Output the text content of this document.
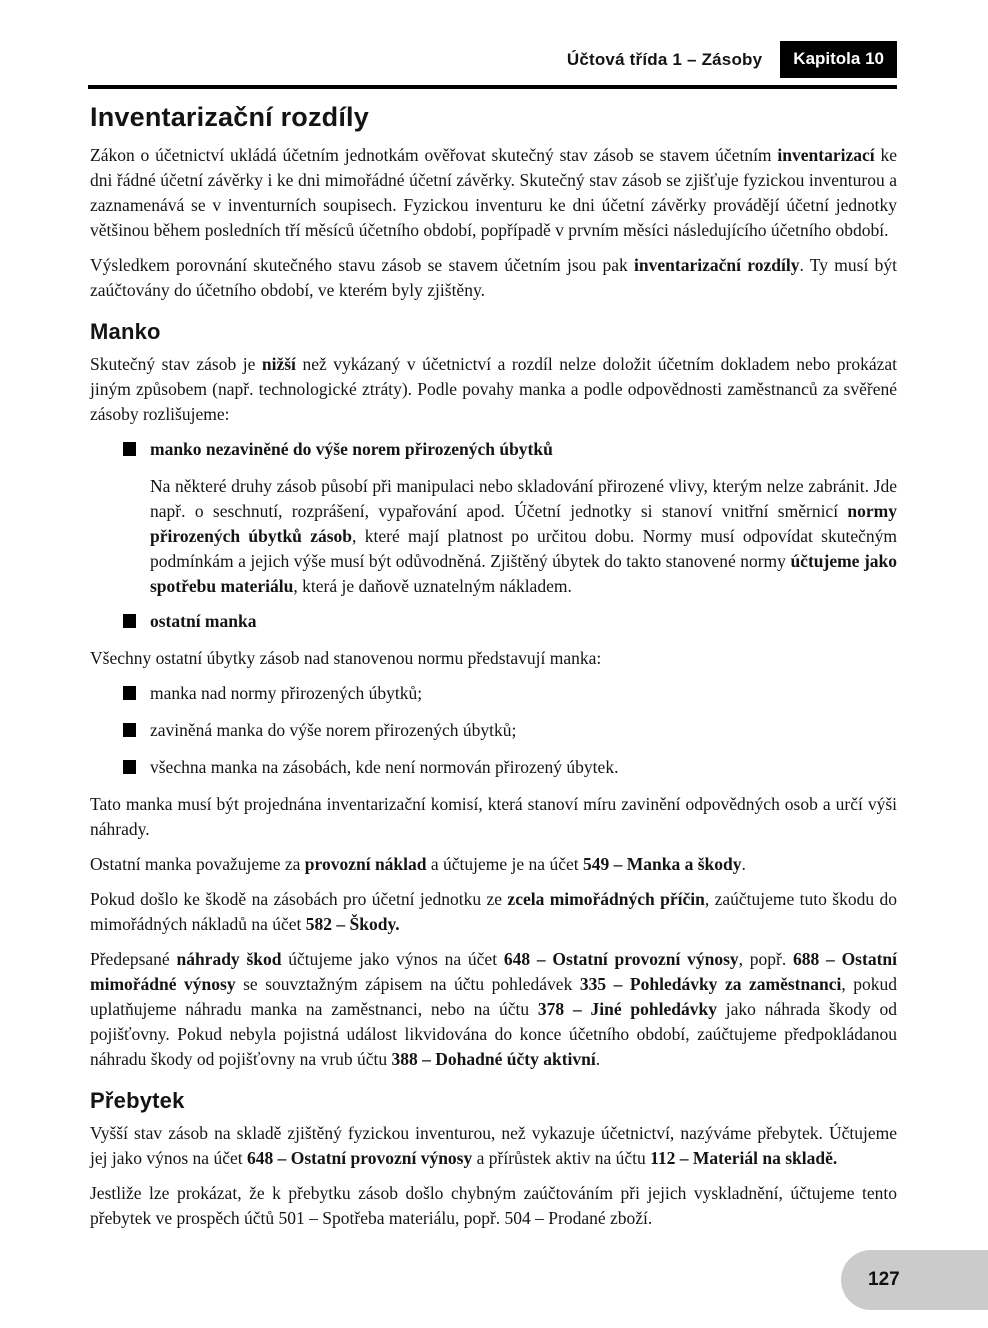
Účtová třída 1 – Zásoby	Kapitola 10
Inventarizační rozdíly

Zákon o účetnictví ukládá účetním jednotkám ověřovat skutečný stav zásob se stavem účetním inventarizací ke dni řádné účetní závěrky i ke dni mimořádné účetní závěrky. Skutečný stav zásob se zjišťuje fyzickou inventurou a zaznamenává se v inventurních soupisech. Fyzickou inventuru ke dni účetní závěrky provádějí účetní jednotky většinou během posledních tří měsíců účetního období, popřípadě v prvním měsíci následujícího účetního období.

Výsledkem porovnání skutečného stavu zásob se stavem účetním jsou pak inventarizační rozdíly. Ty musí být zaúčtovány do účetního období, ve kterém byly zjištěny.

Manko

Skutečný stav zásob je nižší než vykázaný v účetnictví a rozdíl nelze doložit účetním dokladem nebo prokázat jiným způsobem (např. technologické ztráty). Podle povahy manka a podle odpovědnosti zaměstnanců za svěřené zásoby rozlišujeme:

manko nezaviněné do výše norem přirozených úbytků

Na některé druhy zásob působí při manipulaci nebo skladování přirozené vlivy, kterým nelze zabránit. Jde např. o seschnutí, rozprášení, vypařování apod. Účetní jednotky si stanoví vnitřní směrnicí normy přirozených úbytků zásob, které mají platnost po určitou dobu. Normy musí odpovídat skutečným podmínkám a jejich výše musí být odůvodněná. Zjištěný úbytek do takto stanovené normy účtujeme jako spotřebu materiálu, která je daňově uznatelným nákladem.

ostatní manka

Všechny ostatní úbytky zásob nad stanovenou normu představují manka:

manka nad normy přirozených úbytků;
zaviněná manka do výše norem přirozených úbytků;
všechna manka na zásobách, kde není normován přirozený úbytek.

Tato manka musí být projednána inventarizační komisí, která stanoví míru zavinění odpovědných osob a určí výši náhrady.

Ostatní manka považujeme za provozní náklad a účtujeme je na účet 549 – Manka a škody.

Pokud došlo ke škodě na zásobách pro účetní jednotku ze zcela mimořádných příčin, zaúčtujeme tuto škodu do mimořádných nákladů na účet 582 – Škody.

Předepsané náhrady škod účtujeme jako výnos na účet 648 – Ostatní provozní výnosy, popř. 688 – Ostatní mimořádné výnosy se souvztažným zápisem na účtu pohledávek 335 – Pohledávky za zaměstnanci, pokud uplatňujeme náhradu manka na zaměstnanci, nebo na účtu 378 – Jiné pohledávky jako náhrada škody od pojišťovny. Pokud nebyla pojistná událost likvidována do konce účetního období, zaúčtujeme předpokládanou náhradu škody od pojišťovny na vrub účtu 388 – Dohadné účty aktivní.

Přebytek

Vyšší stav zásob na skladě zjištěný fyzickou inventurou, než vykazuje účetnictví, nazýváme přebytek. Účtujeme jej jako výnos na účet 648 – Ostatní provozní výnosy a přírůstek aktiv na účtu 112 – Materiál na skladě.

Jestliže lze prokázat, že k přebytku zásob došlo chybným zaúčtováním při jejich vyskladnění, účtujeme tento přebytek ve prospěch účtů 501 – Spotřeba materiálu, popř. 504 – Prodané zboží.

127
